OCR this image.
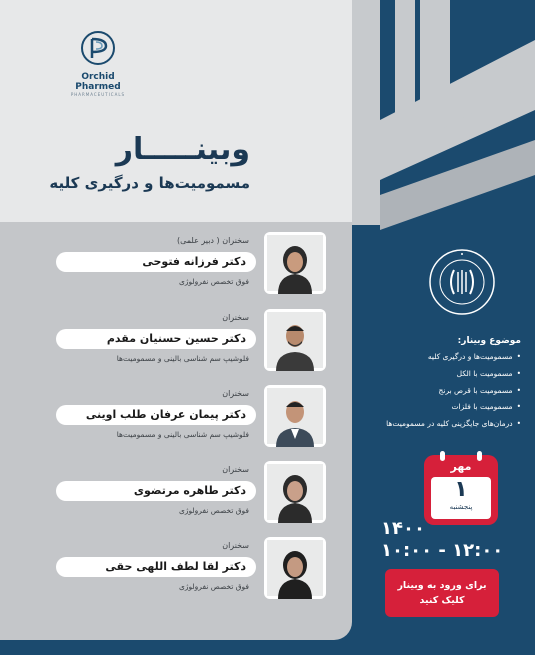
Orchid Pharmed
PHARMACEUTICALS
وبینـــــار
مسمومیت‌ها و درگیری کلیه
سخنران ( دبیر علمی)
دکتر فرزانه فتوحی
فوق تخصص نفرولوژی
سخنران
دکتر حسین حسنیان مقدم
فلوشیپ سم شناسی بالینی و مسمومیت‌ها
سخنران
دکتر پیمان عرفان طلب اوینی
فلوشیپ سم شناسی بالینی و مسمومیت‌ها
سخنران
دکتر طاهره مرتضوی
فوق تخصص نفرولوژی
سخنران
دکتر لقا لطف اللهی حقی
فوق تخصص نفرولوژی
موضوع وبینار:
• مسمومیت‌ها و درگیری کلیه
• مسمومیت با الکل
• مسمومیت با قرص برنج
• مسمومیت با فلزات
• درمان‌های جایگزینی کلیه در مسمومیت‌ها
مهر
۱
پنجشنبه
۱۴۰۰
۱۰:۰۰ - ۱۲:۰۰
برای ورود به وبینار
کلیک کنید
